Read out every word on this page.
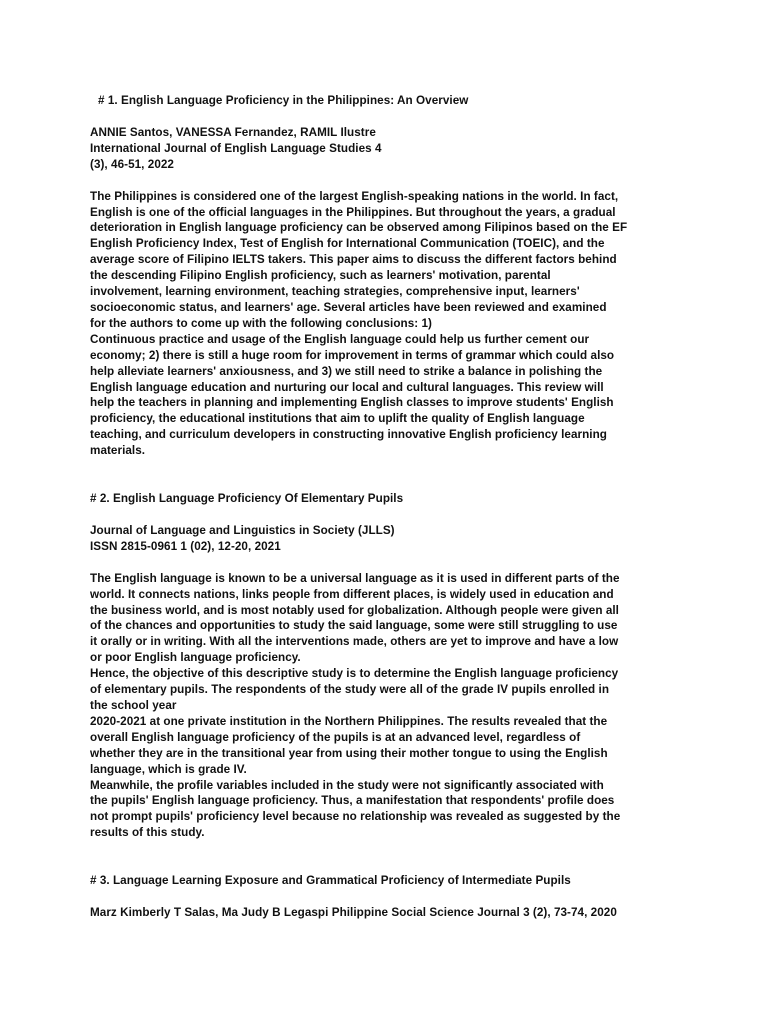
# 1. English Language Proficiency in the Philippines: An Overview
ANNIE Santos, VANESSA Fernandez, RAMIL Ilustre
International Journal of English Language Studies 4
(3), 46-51, 2022

The Philippines is considered one of the largest English-speaking nations in the world. In fact,
English is one of the official languages in the Philippines. But throughout the years, a gradual
deterioration in English language proficiency can be observed among Filipinos based on the EF
English Proficiency Index, Test of English for International Communication (TOEIC), and the
average score of Filipino IELTS takers. This paper aims to discuss the different factors behind
the descending Filipino English proficiency, such as learners' motivation, parental
involvement, learning environment, teaching strategies, comprehensive input, learners'
socioeconomic status, and learners' age. Several articles have been reviewed and examined
for the authors to come up with the following conclusions: 1)

Continuous practice and usage of the English language could help us further cement our
economy; 2) there is still a huge room for improvement in terms of grammar which could also
help alleviate learners' anxiousness, and 3) we still need to strike a balance in polishing the
English language education and nurturing our local and cultural languages. This review will
help the teachers in planning and implementing English classes to improve students' English
proficiency, the educational institutions that aim to uplift the quality of English language
teaching, and curriculum developers in constructing innovative English proficiency learning
materials.

# 2. English Language Proficiency Of Elementary Pupils
Journal of Language and Linguistics in Society (JLLS)
ISSN 2815-0961 1 (02), 12-20, 2021

The English language is known to be a universal language as it is used in different parts of the
world. It connects nations, links people from different places, is widely used in education and
the business world, and is most notably used for globalization. Although people were given all
of the chances and opportunities to study the said language, some were still struggling to use
it orally or in writing. With all the interventions made, others are yet to improve and have a low
or poor English language proficiency.

Hence, the objective of this descriptive study is to determine the English language proficiency
of elementary pupils. The respondents of the study were all of the grade IV pupils enrolled in
the school year

2020-2021 at one private institution in the Northern Philippines. The results revealed that the
overall English language proficiency of the pupils is at an advanced level, regardless of
whether they are in the transitional year from using their mother tongue to using the English
language, which is grade IV.

Meanwhile, the profile variables included in the study were not significantly associated with
the pupils' English language proficiency. Thus, a manifestation that respondents' profile does
not prompt pupils' proficiency level because no relationship was revealed as suggested by the
results of this study.

# 3. Language Learning Exposure and Grammatical Proficiency of Intermediate Pupils
Marz Kimberly T Salas, Ma Judy B Legaspi Philippine Social Science Journal 3 (2), 73-74, 2020
